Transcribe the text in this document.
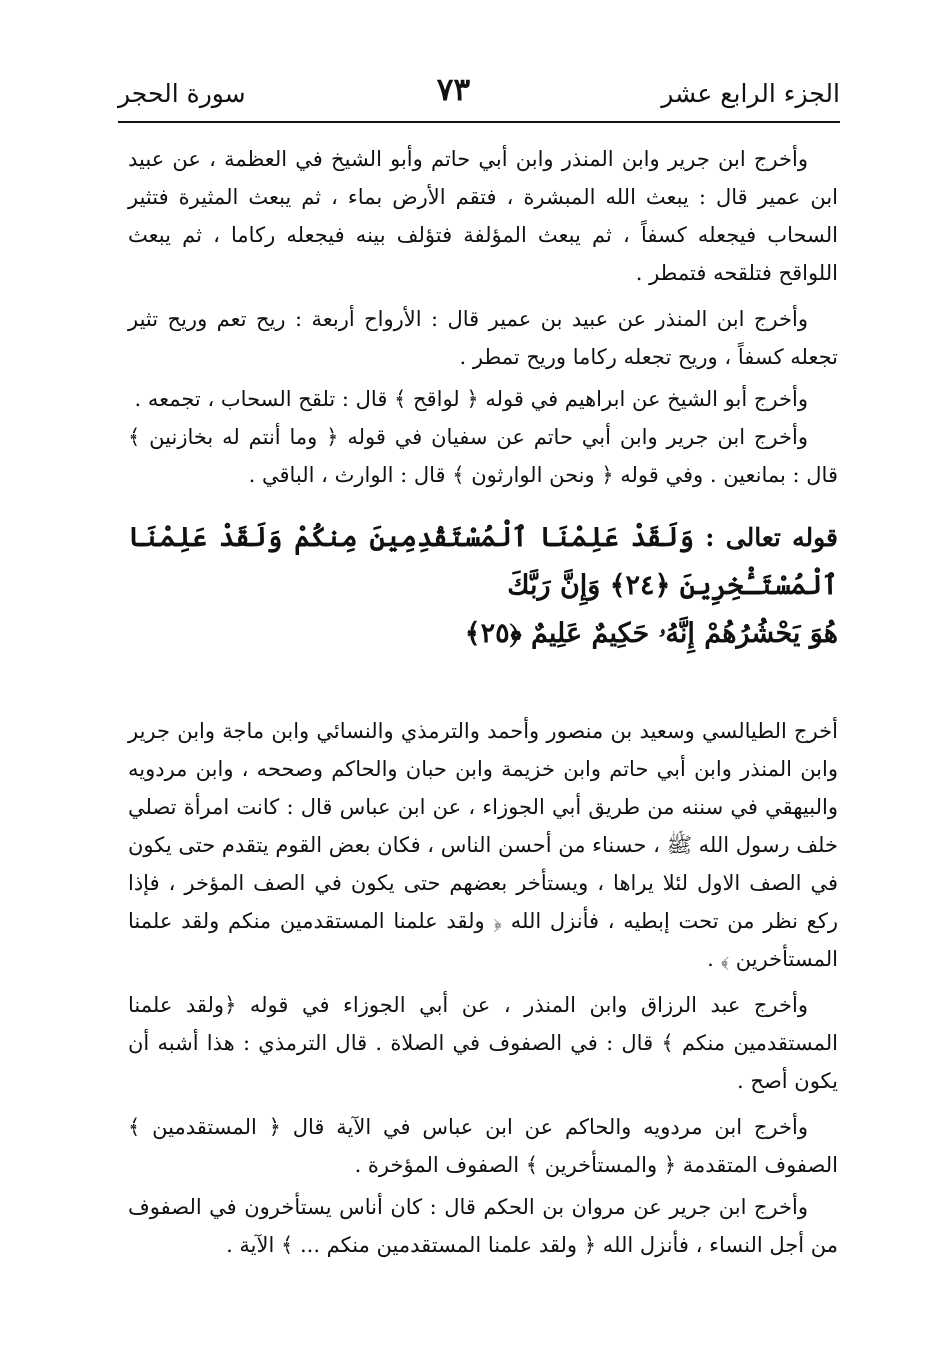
الجزء الرابع عشر
٧٣
سورة الحجر

وأخرج ابن جرير وابن المنذر وابن أبي حاتم وأبو الشيخ في العظمة ، عن عبيد ابن عمير قال : يبعث الله المبشرة ، فتقم الأرض بماء ، ثم يبعث المثيرة فتثير السحاب فيجعله كسفاً ، ثم يبعث المؤلفة فتؤلف بينه فيجعله ركاما ، ثم يبعث اللواقح فتلقحه فتمطر .

وأخرج ابن المنذر عن عبيد بن عمير قال : الأرواح أربعة : ريح تعم وريح تثير تجعله كسفاً ، وريح تجعله ركاما وريح تمطر .

وأخرج أبو الشيخ عن ابراهيم في قوله ﴿ لواقح ﴾ قال : تلقح السحاب ، تجمعه .

وأخرج ابن جرير وابن أبي حاتم عن سفيان في قوله ﴿ وما أنتم له بخازنين ﴾ قال : بمانعين . وفي قوله ﴿ ونحن الوارثون ﴾ قال : الوارث ، الباقي .

قوله تعالى : وَلَقَدْ عَلِمْنَا ٱلْمُسْتَقْدِمِينَ مِنكُمْ وَلَقَدْ عَلِمْنَا ٱلْمُسْتَـْٔخِرِينَ ﴿٢٤﴾ وَإِنَّ رَبَّكَ

هُوَ يَحْشُرُهُمْ إِنَّهُۥ حَكِيمٌ عَلِيمٌ ﴿٢٥﴾

أخرج الطيالسي وسعيد بن منصور وأحمد والترمذي والنسائي وابن ماجة وابن جرير وابن المنذر وابن أبي حاتم وابن خزيمة وابن حبان والحاكم وصححه ، وابن مردويه والبيهقي في سننه من طريق أبي الجوزاء ، عن ابن عباس قال : كانت امرأة تصلي خلف رسول الله ﷺ ، حسناء من أحسن الناس ، فكان بعض القوم يتقدم حتى يكون في الصف الاول لئلا يراها ، ويستأخر بعضهم حتى يكون في الصف المؤخر ، فإذا ركع نظر من تحت إبطيه ، فأنزل الله ﴿ ولقد علمنا المستقدمين منكم ولقد علمنا المستأخرين ﴾ .

وأخرج عبد الرزاق وابن المنذر ، عن أبي الجوزاء في قوله ﴿ولقد علمنا المستقدمين منكم ﴾ قال : في الصفوف في الصلاة . قال الترمذي : هذا أشبه أن يكون أصح .

وأخرج ابن مردويه والحاكم عن ابن عباس في الآية قال ﴿ المستقدمين ﴾ الصفوف المتقدمة ﴿ والمستأخرين ﴾ الصفوف المؤخرة .

وأخرج ابن جرير عن مروان بن الحكم قال : كان أناس يستأخرون في الصفوف من أجل النساء ، فأنزل الله ﴿ ولقد علمنا المستقدمين منكم ... ﴾ الآية .
